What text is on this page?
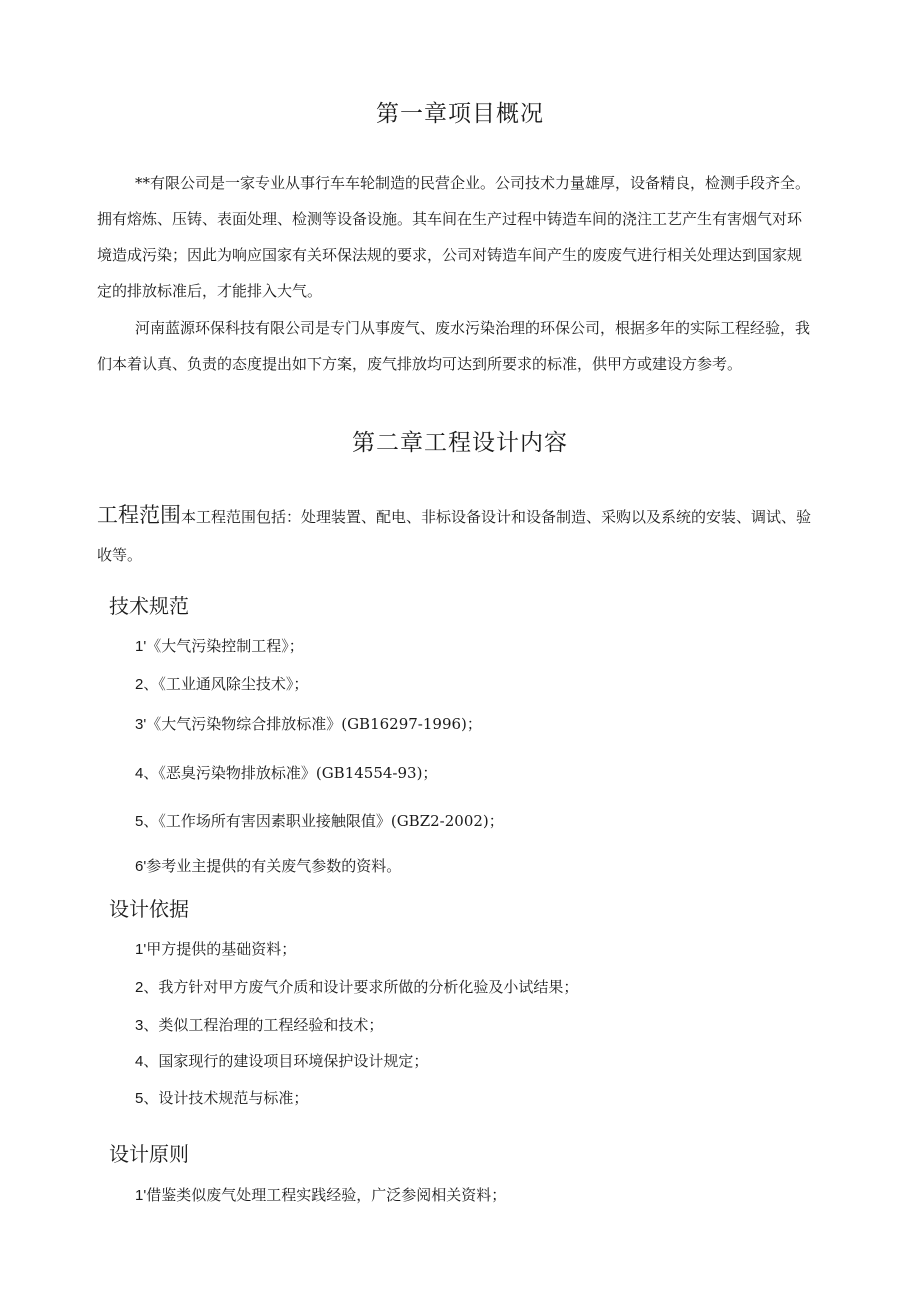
第一章项目概况
**有限公司是一家专业从事行车车轮制造的民营企业。公司技术力量雄厚，设备精良，检测手段齐全。
拥有熔炼、压铸、表面处理、检测等设备设施。其车间在生产过程中铸造车间的浇注工艺产生有害烟气对环
境造成污染；因此为响应国家有关环保法规的要求，公司对铸造车间产生的废废气进行相关处理达到国家规
定的排放标准后，才能排入大气。
河南蓝源环保科技有限公司是专门从事废气、废水污染治理的环保公司，根据多年的实际工程经验，我
们本着认真、负责的态度提出如下方案，废气排放均可达到所要求的标准，供甲方或建设方参考。
第二章工程设计内容
工程范围本工程范围包括：处理装置、配电、非标设备设计和设备制造、采购以及系统的安装、调试、验
收等。
技术规范
1'《大气污染控制工程》；
2、《工业通风除尘技术》；
3'《大气污染物综合排放标准》(GB16297-1996)；
4、《恶臭污染物排放标准》(GB14554-93)；
5、《工作场所有害因素职业接触限值》(GBZ2-2002)；
6'参考业主提供的有关废气参数的资料。
设计依据
1'甲方提供的基础资料；
2、我方针对甲方废气介质和设计要求所做的分析化验及小试结果；
3、类似工程治理的工程经验和技术；
4、国家现行的建设项目环境保护设计规定；
5、设计技术规范与标准；
设计原则
1'借鉴类似废气处理工程实践经验，广泛参阅相关资料；
